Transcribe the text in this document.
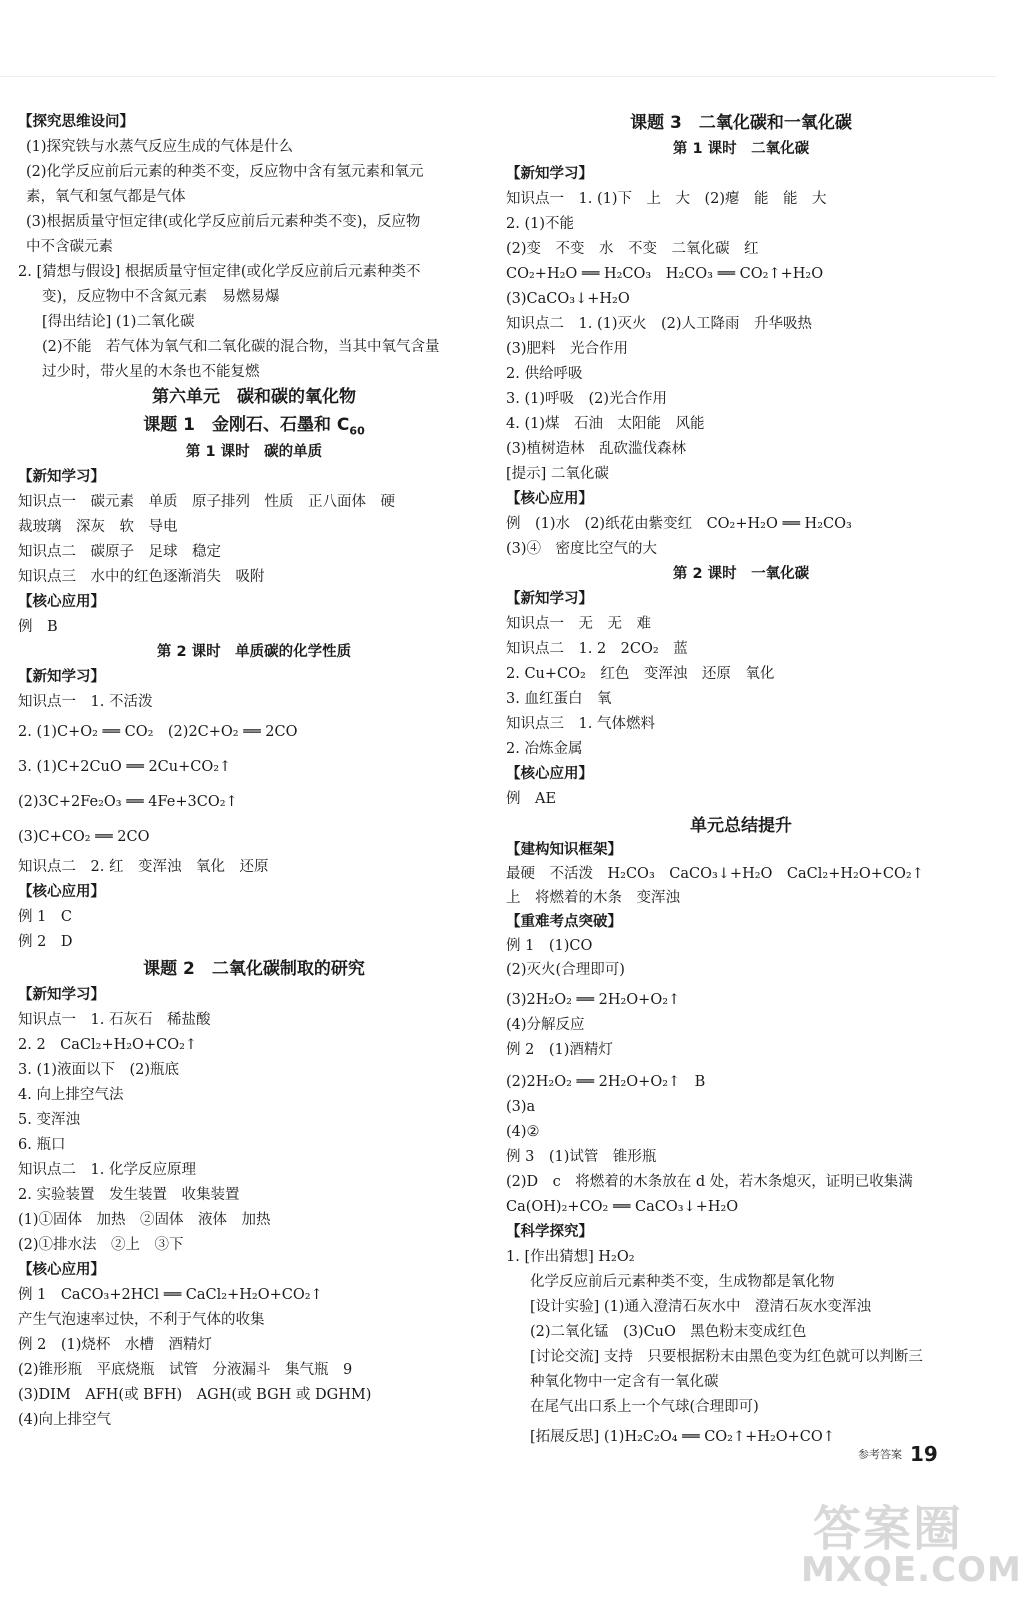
【探究思维设问】
(1)探究铁与水蒸气反应生成的气体是什么
(2)化学反应前后元素的种类不变，反应物中含有氢元素和氧元
素，氧气和氢气都是气体
(3)根据质量守恒定律(或化学反应前后元素种类不变)，反应物
中不含碳元素
2. [猜想与假设] 根据质量守恒定律(或化学反应前后元素种类不
变)，反应物中不含氮元素　易燃易爆
[得出结论] (1)二氧化碳
(2)不能　若气体为氧气和二氧化碳的混合物，当其中氧气含量
过少时，带火星的木条也不能复燃
第六单元　碳和碳的氧化物
课题 1　金刚石、石墨和 $C_{60}$
第 1 课时　碳的单质
【新知学习】
知识点一　碳元素　单质　原子排列　性质　正八面体　硬
裁玻璃　深灰　软　导电
知识点二　碳原子　足球　稳定
知识点三　水中的红色逐渐消失　吸附
【核心应用】
例　B
第 2 课时　单质碳的化学性质
【新知学习】
知识点一　1. 不活泼
2. (1)C+O₂ ══ CO₂　(2)2C+O₂ ══ 2CO
3. (1)C+2CuO ══ 2Cu+CO₂↑
(2)3C+2Fe₂O₃ ══ 4Fe+3CO₂↑
(3)C+CO₂ ══ 2CO
知识点二　2. 红　变浑浊　氧化　还原
【核心应用】
例 1　C
例 2　D
课题 2　二氧化碳制取的研究
【新知学习】
知识点一　1. 石灰石　稀盐酸
2. 2　CaCl₂+H₂O+CO₂↑
3. (1)液面以下　(2)瓶底
4. 向上排空气法
5. 变浑浊
6. 瓶口
知识点二　1. 化学反应原理
2. 实验装置　发生装置　收集装置
(1)①固体　加热　②固体　液体　加热
(2)①排水法　②上　③下
【核心应用】
例 1　CaCO₃+2HCl ══ CaCl₂+H₂O+CO₂↑
产生气泡速率过快，不利于气体的收集
例 2　(1)烧杯　水槽　酒精灯
(2)锥形瓶　平底烧瓶　试管　分液漏斗　集气瓶　9
(3)DIM　AFH(或 BFH)　AGH(或 BGH 或 DGHM)
(4)向上排空气
课题 3　二氧化碳和一氧化碳
第 1 课时　二氧化碳
【新知学习】
知识点一　1. (1)下　上　大　(2)瘪　能　能　大
2. (1)不能
(2)变　不变　水　不变　二氧化碳　红
CO₂+H₂O ══ H₂CO₃　H₂CO₃ ══ CO₂↑+H₂O
(3)CaCO₃↓+H₂O
知识点二　1. (1)灭火　(2)人工降雨　升华吸热
(3)肥料　光合作用
2. 供给呼吸
3. (1)呼吸　(2)光合作用
4. (1)煤　石油　太阳能　风能
(3)植树造林　乱砍滥伐森林
[提示] 二氧化碳
【核心应用】
例　(1)水　(2)纸花由紫变红　CO₂+H₂O ══ H₂CO₃
(3)④　密度比空气的大
第 2 课时　一氧化碳
【新知学习】
知识点一　无　无　难
知识点二　1. 2　2CO₂　蓝
2. Cu+CO₂　红色　变浑浊　还原　氧化
3. 血红蛋白　氧
知识点三　1. 气体燃料
2. 冶炼金属
【核心应用】
例　AE
单元总结提升
【建构知识框架】
最硬　不活泼　H₂CO₃　CaCO₃↓+H₂O　CaCl₂+H₂O+CO₂↑
上　将燃着的木条　变浑浊
【重难考点突破】
例 1　(1)CO
(2)灭火(合理即可)
(3)2H₂O₂ ══ 2H₂O+O₂↑
(4)分解反应
例 2　(1)酒精灯
(2)2H₂O₂ ══ 2H₂O+O₂↑　B
(3)a
(4)②
例 3　(1)试管　锥形瓶
(2)D　c　将燃着的木条放在 d 处，若木条熄灭，证明已收集满
Ca(OH)₂+CO₂ ══ CaCO₃↓+H₂O
【科学探究】
1. [作出猜想] H₂O₂
化学反应前后元素种类不变，生成物都是氧化物
[设计实验] (1)通入澄清石灰水中　澄清石灰水变浑浊
(2)二氧化锰　(3)CuO　黑色粉末变成红色
[讨论交流] 支持　只要根据粉末由黑色变为红色就可以判断三
种氧化物中一定含有一氧化碳
在尾气出口系上一个气球(合理即可)
[拓展反思] (1)H₂C₂O₄ ══ CO₂↑+H₂O+CO↑
参考答案 19
答案圈
MXQE.COM
